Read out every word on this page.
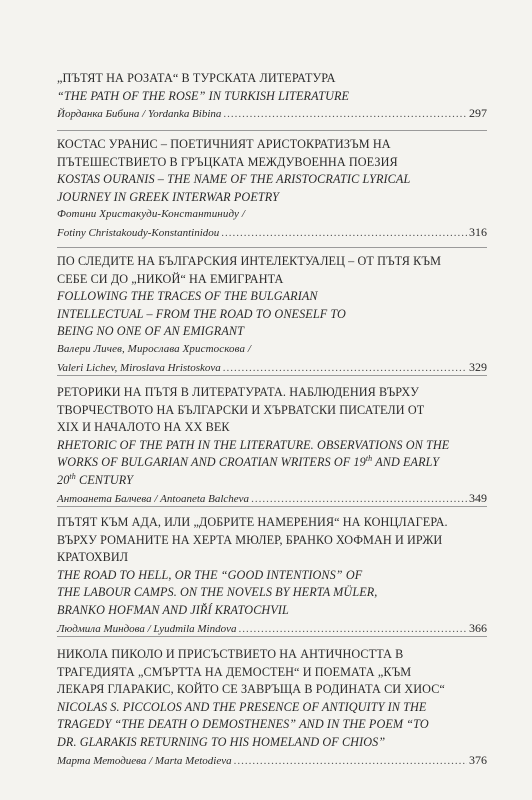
„ПЪТЯТ НА РОЗАТА“ В ТУРСКАТА ЛИТЕРАТУРА
“THE PATH OF THE ROSE” IN TURKISH LITERATURE
Йорданка Бибина / Yordanka Bibina .....	297
КОСТАС УРАНИС – ПОЕТИЧНИЯТ АРИСТОКРАТИЗЪМ НА
ПЪТЕШЕСТВИЕТО В ГРЪЦКАТА МЕЖДУВОЕННА ПОЕЗИЯ
KOSTAS OURANIS – THE NAME OF THE ARISTOCRATIC LYRICAL
JOURNEY IN GREEK INTERWAR POETRY
Фотини Христакуди-Константиниду /
Fotiny Christakoudy-Konstantinidou .....	316
ПО СЛЕДИТЕ НА БЪЛГАРСКИЯ ИНТЕЛЕКТУАЛЕЦ – ОТ ПЪТЯ КЪМ
СЕБЕ СИ ДО „НИКОЙ“ НА ЕМИГРАНТА
FOLLOWING THE TRACES OF THE BULGARIAN
INTELLECTUAL – FROM THE ROAD TO ONESELF TO
BEING NO ONE OF AN EMIGRANT
Валери Личев, Мирослава Христоскова /
Valeri Lichev, Miroslava Hristoskova .....	329
РЕТОРИКИ НА ПЪТЯ В ЛИТЕРАТУРАТА. НАБЛЮДЕНИЯ ВЪРХУ
ТВОРЧЕСТВОТО НА БЪЛГАРСКИ И ХЪРВАТСКИ ПИСАТЕЛИ ОТ
XIX И НАЧАЛОТО НА XX ВЕК
RHETORIC OF THE PATH IN THE LITERATURE. OBSERVATIONS ON THE
WORKS OF BULGARIAN AND CROATIAN WRITERS OF 19th AND EARLY
20th CENTURY
Антоанета Балчева / Antoaneta Balcheva .....	349
ПЪТЯТ КЪМ АДА, ИЛИ „ДОБРИТЕ НАМЕРЕНИЯ“ НА КОНЦЛАГЕРА.
ВЪРХУ РОМАНИТЕ НА ХЕРТА МЮЛЕР, БРАНКО ХОФМАН И ИРЖИ
КРАТОХВИЛ
THE ROAD TO HELL, OR THE “GOOD INTENTIONS” OF
THE LABOUR CAMPS. ON THE NOVELS BY HERTA MÜLER,
BRANKO HOFMAN AND JIŘÍ KRATOCHVIL
Людмила Миндова / Lyudmila Mindova .....	366
НИКОЛА ПИКОЛО И ПРИСЪСТВИЕТО НА АНТИЧНОСТТА В
ТРАГЕДИЯТА „СМЪРТТА НА ДЕМОСТЕН“ И ПОЕМАТА „КЪМ
ЛЕКАРЯ ГЛАРАКИС, КОЙТО СЕ ЗАВРЪЩА В РОДИНАТА СИ ХИОС“
NICOLAS S. PICCOLOS AND THE PRESENCE OF ANTIQUITY IN THE
TRAGEDY “THE DEATH O DEMOSTHENES” AND IN THE POEM “TO
DR. GLARAKIS RETURNING TO HIS HOMELAND OF CHIOS”
Марта Методиева / Marta Metodieva .....	376
